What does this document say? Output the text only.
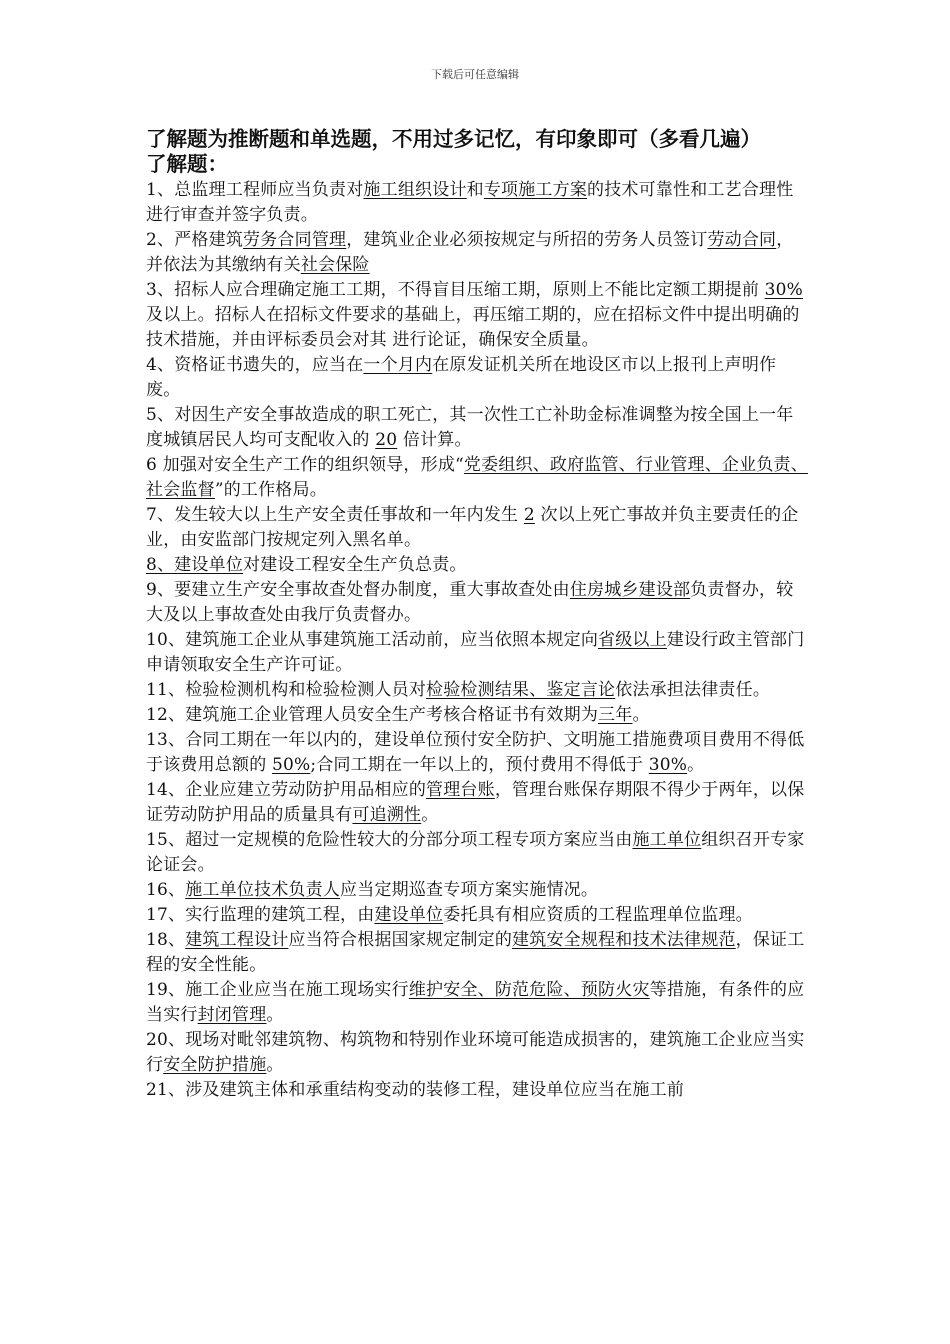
下载后可任意编辑

了解题为推断题和单选题，不用过多记忆，有印象即可（多看几遍）

了解题：

1、总监理工程师应当负责对施工组织设计和专项施工方案的技术可靠性和工艺合理性进行审查并签字负责。

2、严格建筑劳务合同管理，建筑业企业必须按规定与所招的劳务人员签订劳动合同，并依法为其缴纳有关社会保险

3、招标人应合理确定施工工期，不得盲目压缩工期，原则上不能比定额工期提前 30%及以上。招标人在招标文件要求的基础上，再压缩工期的，应在招标文件中提出明确的技术措施，并由评标委员会对其 进行论证，确保安全质量。

4、资格证书遗失的，应当在一个月内在原发证机关所在地设区市以上报刊上声明作废。

5、对因生产安全事故造成的职工死亡，其一次性工亡补助金标准调整为按全国上一年度城镇居民人均可支配收入的 20 倍计算。

6 加强对安全生产工作的组织领导，形成“党委组织、政府监管、行业管理、企业负责、社会监督”的工作格局。

7、发生较大以上生产安全责任事故和一年内发生 2 次以上死亡事故并负主要责任的企业，由安监部门按规定列入黑名单。

8、建设单位对建设工程安全生产负总责。

9、要建立生产安全事故查处督办制度，重大事故查处由住房城乡建设部负责督办，较大及以上事故查处由我厅负责督办。

10、建筑施工企业从事建筑施工活动前，应当依照本规定向省级以上建设行政主管部门申请领取安全生产许可证。

11、检验检测机构和检验检测人员对检验检测结果、鉴定言论依法承担法律责任。

12、建筑施工企业管理人员安全生产考核合格证书有效期为三年。

13、合同工期在一年以内的，建设单位预付安全防护、文明施工措施费项目费用不得低于该费用总额的 50%;合同工期在一年以上的，预付费用不得低于 30%。

14、企业应建立劳动防护用品相应的管理台账，管理台账保存期限不得少于两年，以保证劳动防护用品的质量具有可追溯性。

15、超过一定规模的危险性较大的分部分项工程专项方案应当由施工单位组织召开专家论证会。

16、施工单位技术负责人应当定期巡查专项方案实施情况。

17、实行监理的建筑工程，由建设单位委托具有相应资质的工程监理单位监理。

18、建筑工程设计应当符合根据国家规定制定的建筑安全规程和技术法律规范，保证工程的安全性能。

19、施工企业应当在施工现场实行维护安全、防范危险、预防火灾等措施，有条件的应当实行封闭管理。

20、现场对毗邻建筑物、构筑物和特别作业环境可能造成损害的，建筑施工企业应当实行安全防护措施。

21、涉及建筑主体和承重结构变动的装修工程，建设单位应当在施工前
